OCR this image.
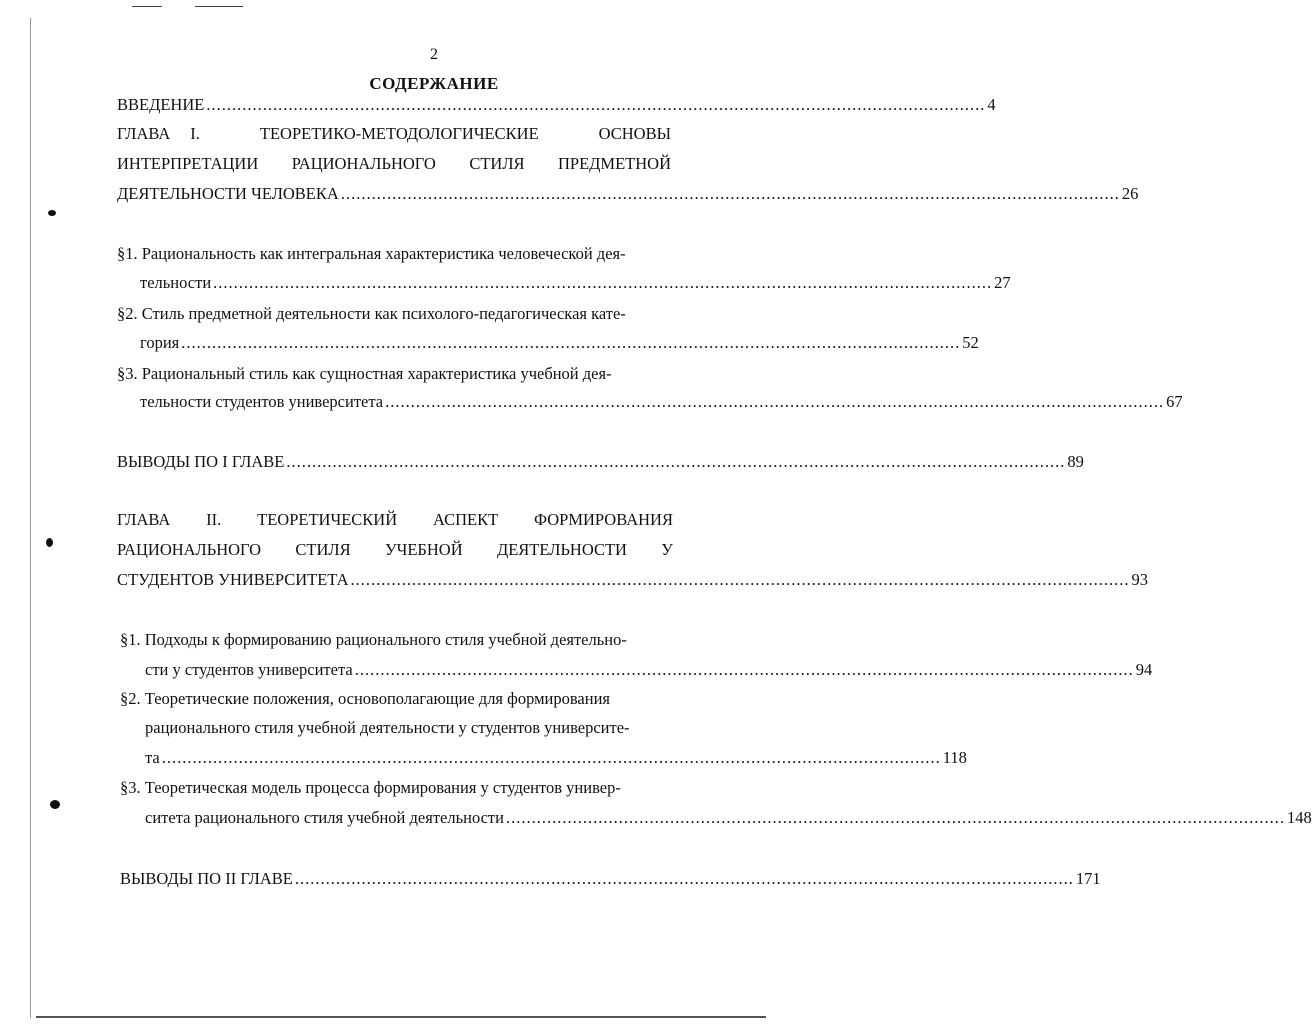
2
СОДЕРЖАНИЕ
ВВЕДЕНИЕ ........................................................................................................................................................ 4
ГЛАВА I.	ТЕОРЕТИКО-МЕТОДОЛОГИЧЕСКИЕ	ОСНОВЫ
ИНТЕРПРЕТАЦИИ РАЦИОНАЛЬНОГО СТИЛЯ ПРЕДМЕТНОЙ
ДЕЯТЕЛЬНОСТИ ЧЕЛОВЕКА ........................................................................................................................................................ 26
§1. Рациональность как интегральная характеристика человеческой дея-
тельности ........................................................................................................................................................ 27
§2. Стиль предметной деятельности как психолого-педагогическая кате-
гория ........................................................................................................................................................ 52
§3. Рациональный стиль как сущностная характеристика учебной дея-
тельности студентов университета ........................................................................................................................................................ 67
ВЫВОДЫ ПО I ГЛАВЕ ........................................................................................................................................................ 89
ГЛАВА II. ТЕОРЕТИЧЕСКИЙ АСПЕКТ ФОРМИРОВАНИЯ
РАЦИОНАЛЬНОГО СТИЛЯ УЧЕБНОЙ ДЕЯТЕЛЬНОСТИ У
СТУДЕНТОВ УНИВЕРСИТЕТА ........................................................................................................................................................ 93
§1. Подходы к формированию рационального стиля учебной деятельно-
сти у студентов университета ........................................................................................................................................................ 94
§2. Теоретические положения, основополагающие для формирования
рационального стиля учебной деятельности у студентов университе-
та ........................................................................................................................................................ 118
§3. Теоретическая модель процесса формирования у студентов универ-
ситета рационального стиля учебной деятельности ........................................................................................................................................................ 148
ВЫВОДЫ ПО II ГЛАВЕ ........................................................................................................................................................ 171
